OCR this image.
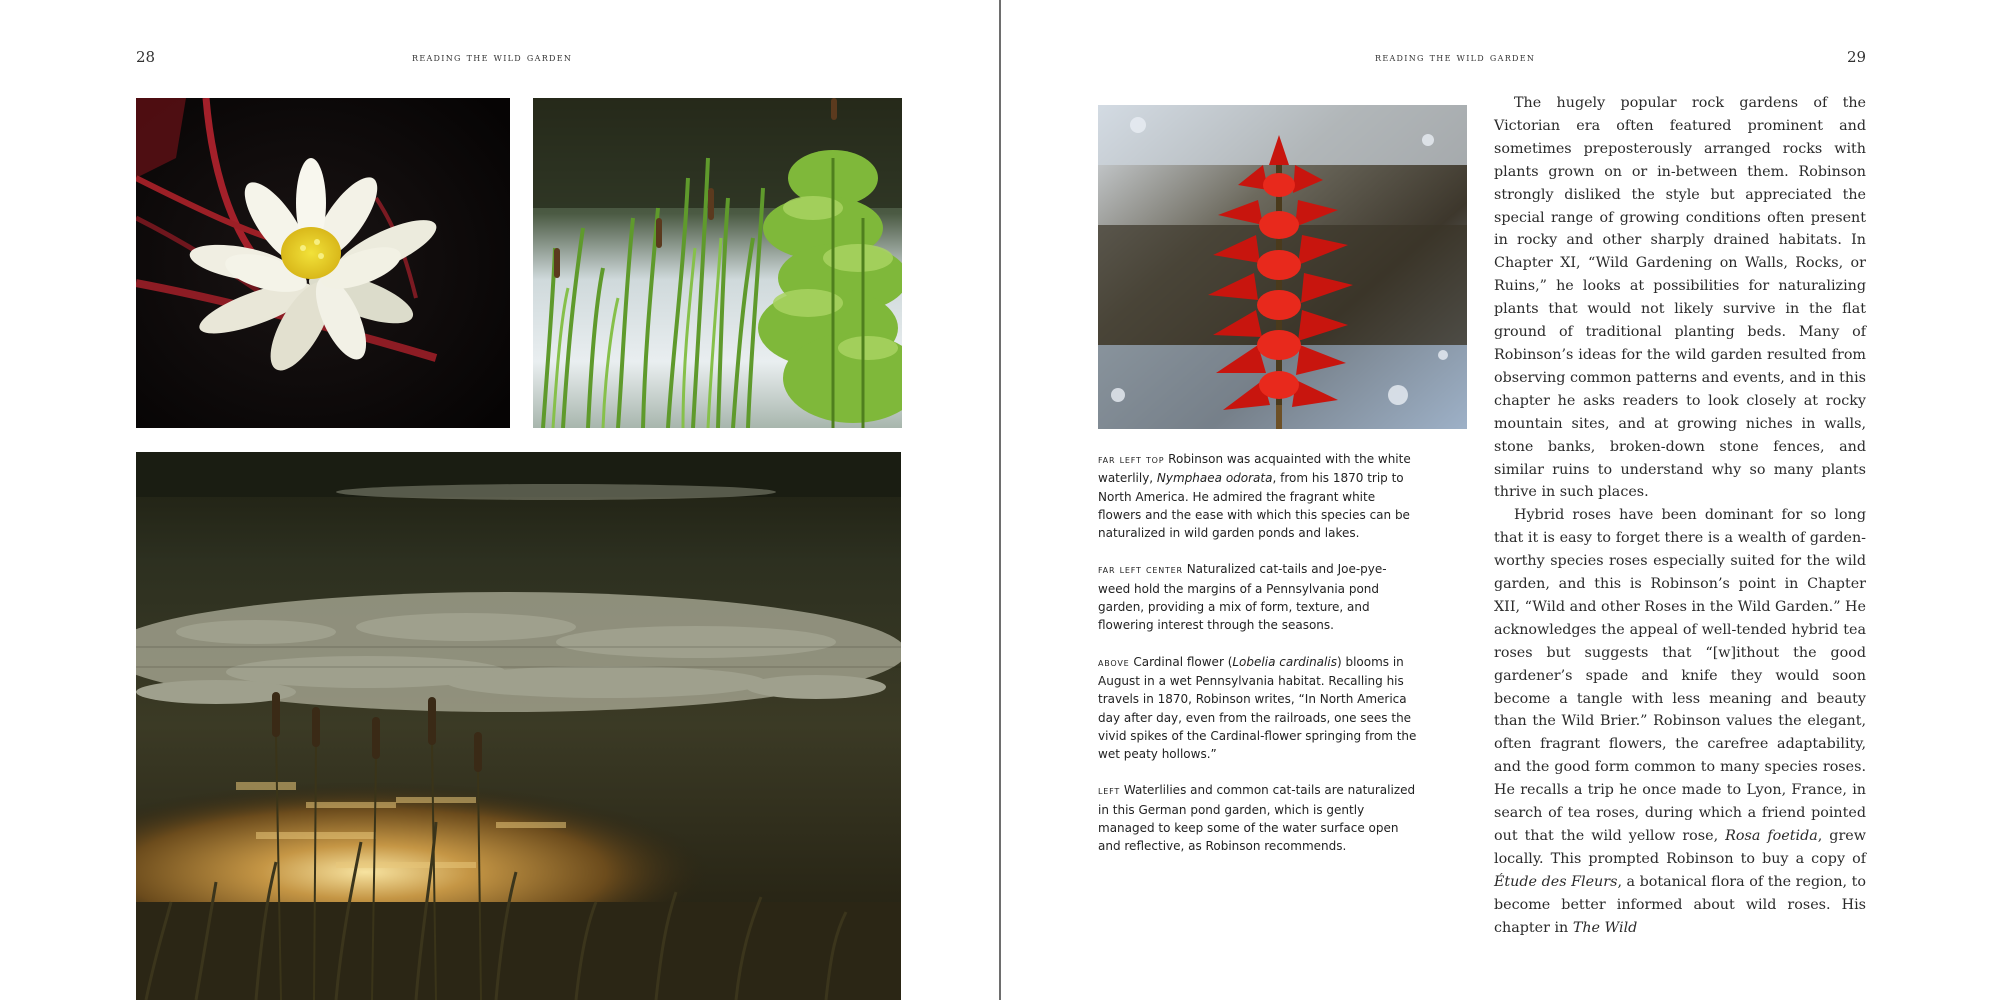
28	reading the wild garden	reading the wild garden	29

far left top Robinson was acquainted with the white waterlily, Nymphaea odorata, from his 1870 trip to North America. He admired the fragrant white flowers and the ease with which this species can be naturalized in wild garden ponds and lakes.

far left center Naturalized cat-tails and Joe-pye-weed hold the margins of a Pennsylvania pond garden, providing a mix of form, texture, and flowering interest through the seasons.

above Cardinal flower (Lobelia cardinalis) blooms in August in a wet Pennsylvania habitat. Recalling his travels in 1870, Robinson writes, “In North America day after day, even from the railroads, one sees the vivid spikes of the Cardinal-flower springing from the wet peaty hollows.”

left Waterlilies and common cat-tails are naturalized in this German pond garden, which is gently managed to keep some of the water surface open and reflective, as Robinson recommends.

The hugely popular rock gardens of the Victorian era often featured prominent and sometimes preposterously arranged rocks with plants grown on or in-between them. Robinson strongly disliked the style but appreciated the special range of growing conditions often present in rocky and other sharply drained habitats. In Chapter XI, “Wild Gardening on Walls, Rocks, or Ruins,” he looks at possibilities for naturalizing plants that would not likely survive in the flat ground of traditional planting beds. Many of Robinson’s ideas for the wild garden resulted from observing common patterns and events, and in this chapter he asks readers to look closely at rocky mountain sites, and at growing niches in walls, stone banks, broken-down stone fences, and similar ruins to understand why so many plants thrive in such places.

Hybrid roses have been dominant for so long that it is easy to forget there is a wealth of garden-worthy species roses especially suited for the wild garden, and this is Robinson’s point in Chapter XII, “Wild and other Roses in the Wild Garden.” He acknowledges the appeal of well-tended hybrid tea roses but suggests that “[w]ithout the good gardener’s spade and knife they would soon become a tangle with less meaning and beauty than the Wild Brier.” Robinson values the elegant, often fragrant flowers, the carefree adaptability, and the good form common to many species roses. He recalls a trip he once made to Lyon, France, in search of tea roses, during which a friend pointed out that the wild yellow rose, Rosa foetida, grew locally. This prompted Robinson to buy a copy of Étude des Fleurs, a botanical flora of the region, to become better informed about wild roses. His chapter in The Wild
